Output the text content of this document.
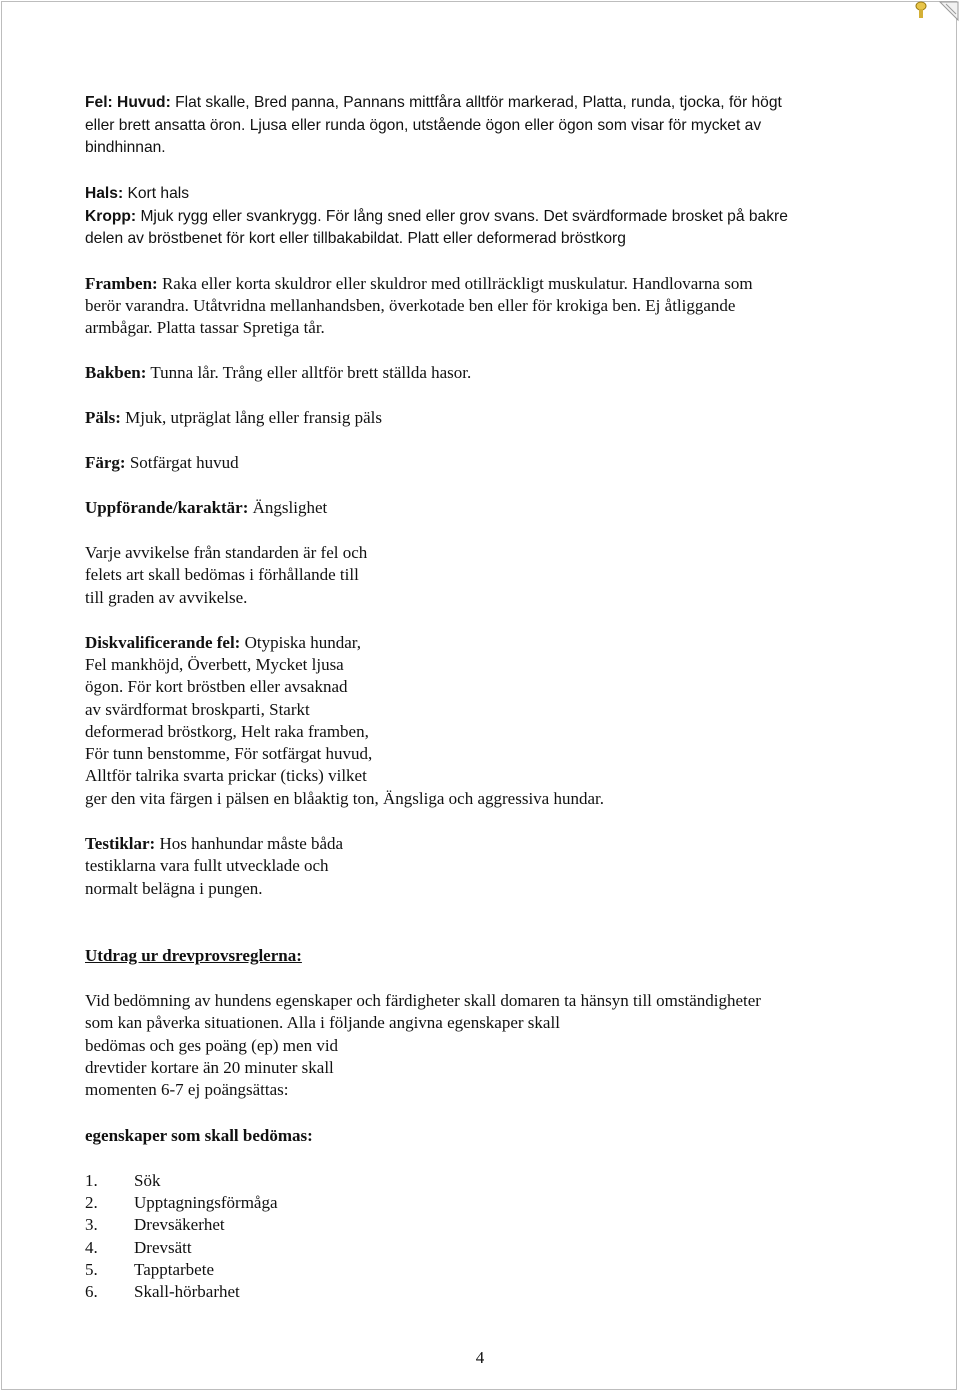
Fel: Huvud: Flat skalle, Bred panna, Pannans mittfåra alltför markerad, Platta, runda, tjocka, för högt

eller brett ansatta öron. Ljusa eller runda ögon, utstående ögon eller ögon som visar för mycket av

bindhinnan.

Hals: Kort hals

Kropp: Mjuk rygg eller svankrygg. För lång sned eller grov svans. Det svärdformade brosket på bakre

delen av bröstbenet för kort eller tillbakabildat. Platt eller deformerad bröstkorg

Framben: Raka eller korta skuldror eller skuldror med otillräckligt muskulatur. Handlovarna som

berör varandra. Utåtvridna mellanhandsben, överkotade ben eller för krokiga ben. Ej åtliggande

armbågar. Platta tassar Spretiga tår.

Bakben: Tunna lår. Trång eller alltför brett ställda hasor.

Päls: Mjuk, utpräglat lång eller fransig päls

Färg: Sotfärgat huvud

Uppförande/karaktär: Ängslighet

Varje avvikelse från standarden är fel och

felets art skall bedömas i förhållande till

till graden av avvikelse.

Diskvalificerande fel: Otypiska hundar,

Fel mankhöjd, Överbett, Mycket ljusa

ögon. För kort bröstben eller avsaknad

av svärdformat broskparti, Starkt

deformerad bröstkorg, Helt raka framben,

För tunn benstomme, För sotfärgat huvud,

Alltför talrika svarta prickar (ticks) vilket

ger den vita färgen i pälsen en blåaktig ton, Ängsliga och aggressiva hundar.

Testiklar: Hos hanhundar måste båda

testiklarna vara fullt utvecklade och

normalt belägna i pungen.

Utdrag ur drevprovsreglerna:

Vid bedömning av hundens egenskaper och färdigheter skall domaren ta hänsyn till omständigheter

som kan påverka situationen. Alla i följande angivna egenskaper skall

bedömas och ges poäng (ep) men vid

drevtider kortare än 20 minuter skall

momenten 6-7 ej poängsättas:

egenskaper som skall bedömas:

1. Sök
2. Upptagningsförmåga
3. Drevsäkerhet
4. Drevsätt
5. Tapptarbete
6. Skall-hörbarhet
4
